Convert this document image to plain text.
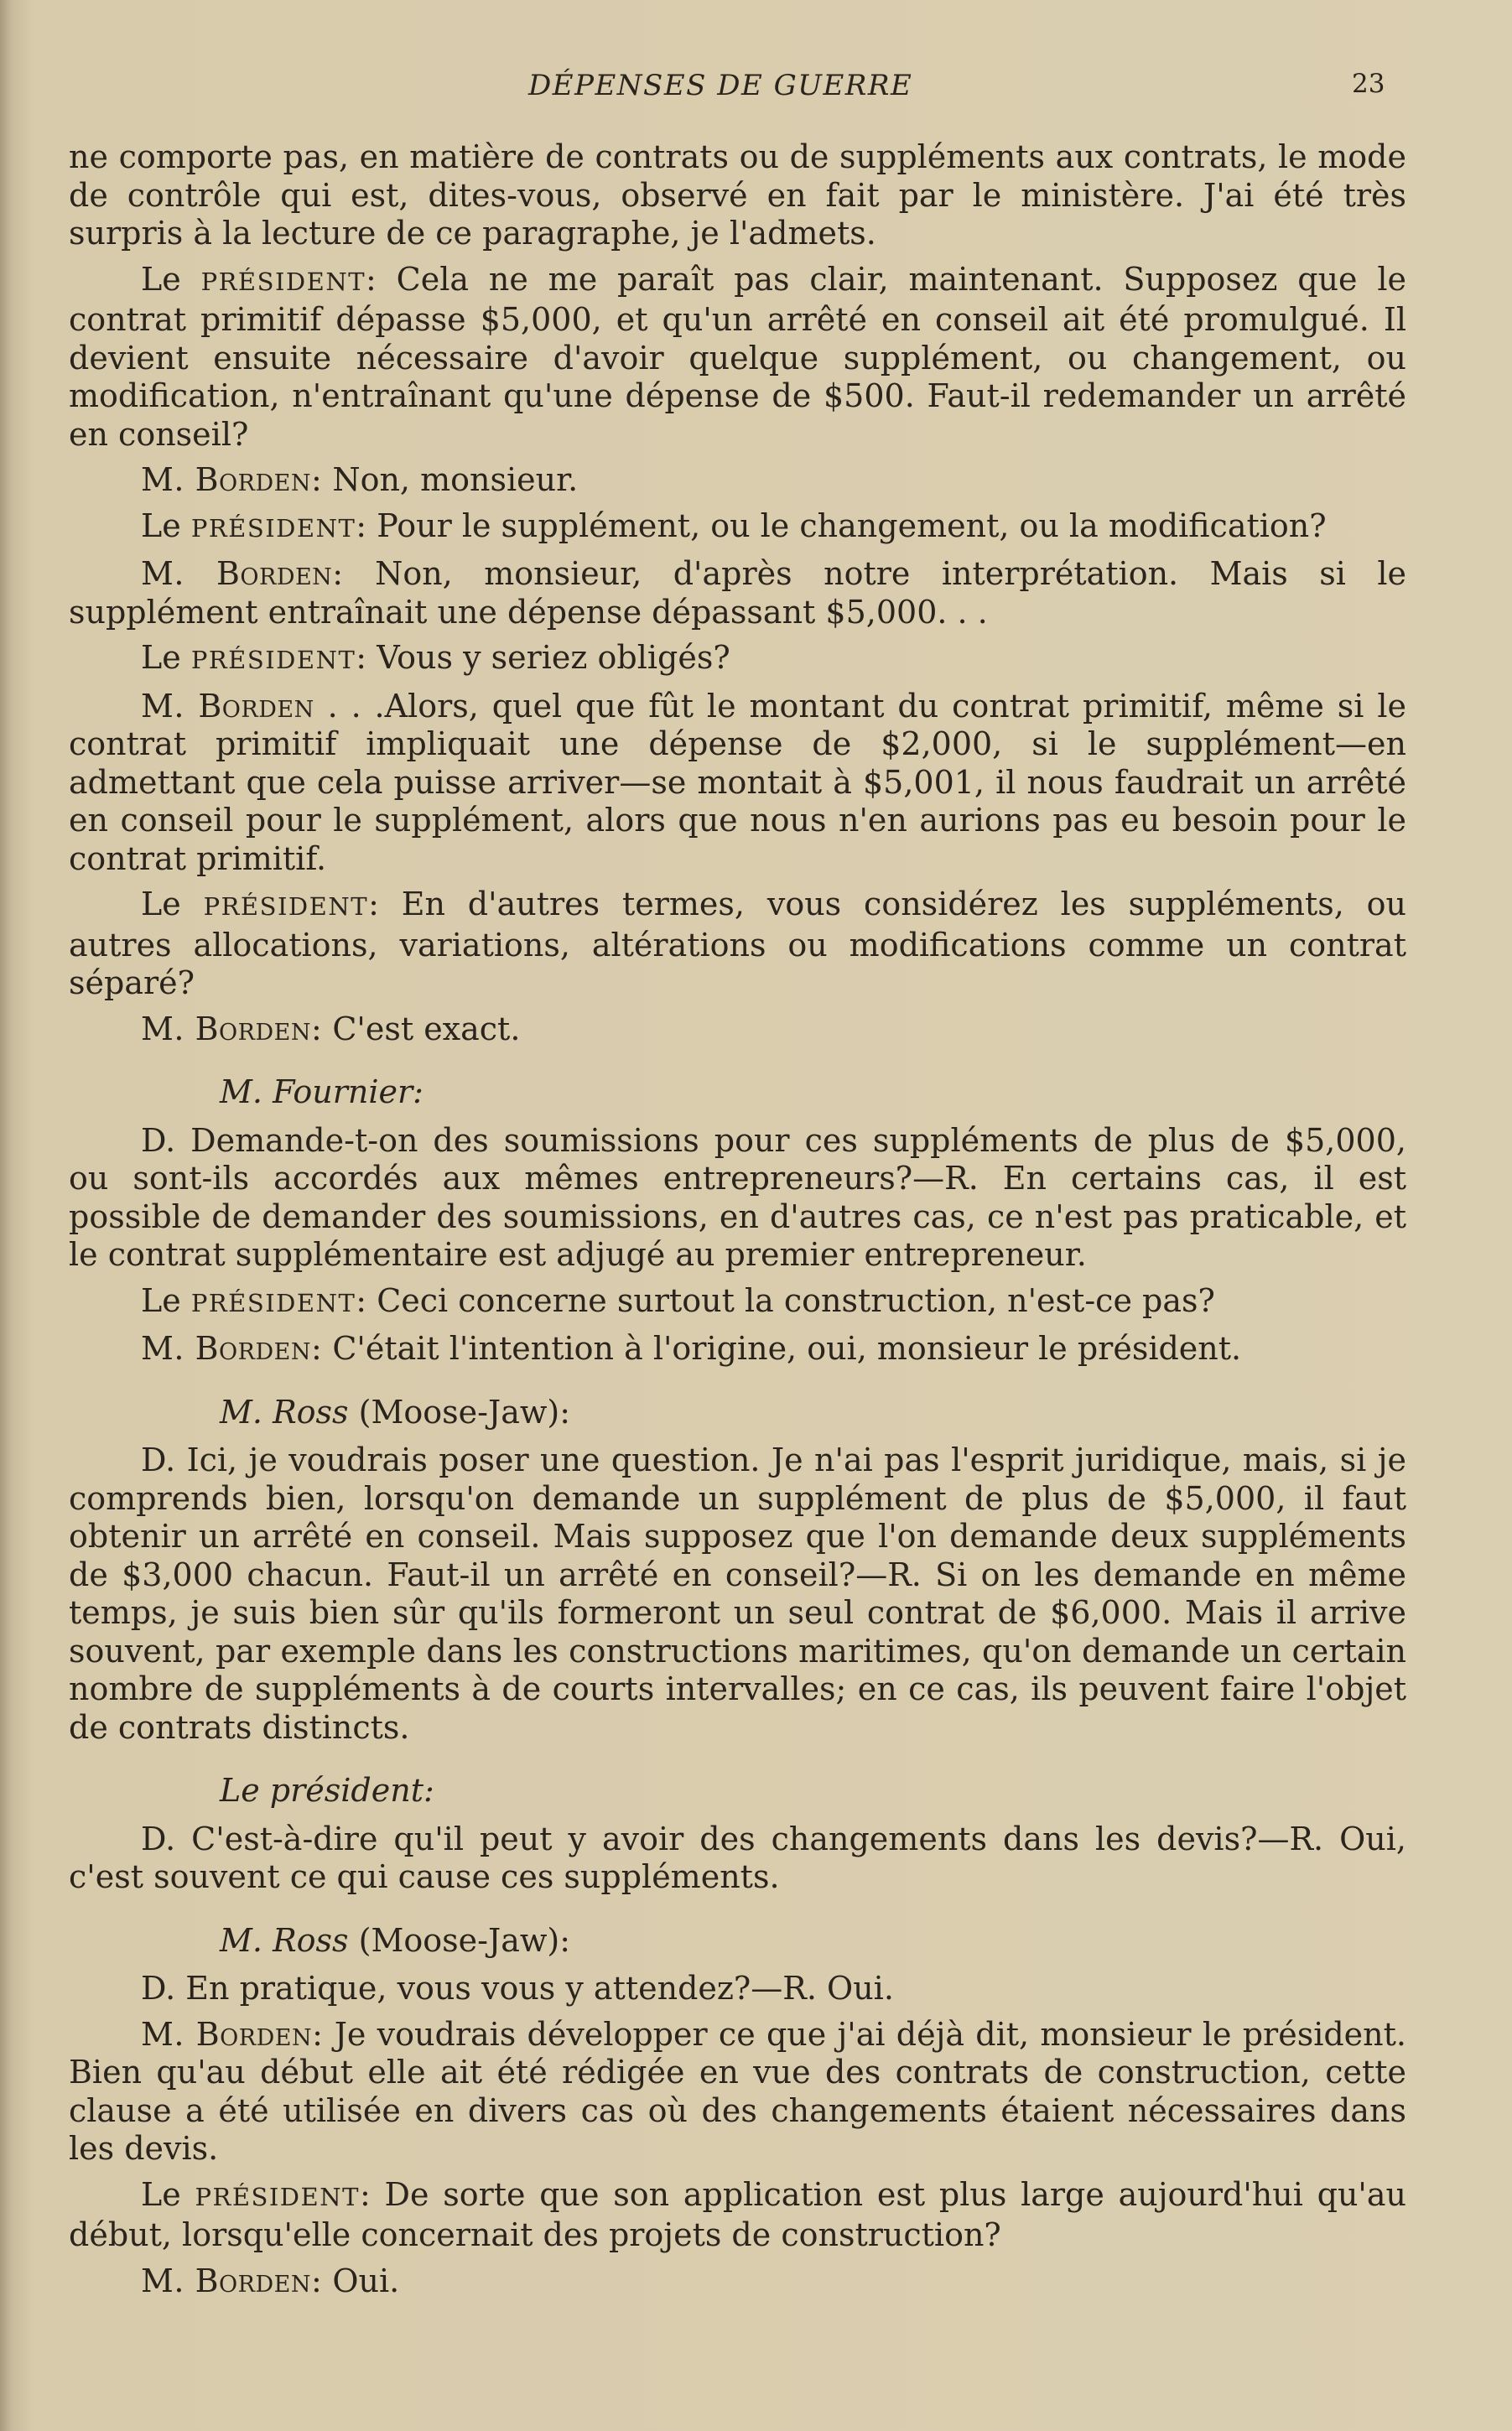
DÉPENSES DE GUERRE	23

ne comporte pas, en matière de contrats ou de suppléments aux contrats, le mode de contrôle qui est, dites-vous, observé en fait par le ministère. J'ai été très surpris à la lecture de ce paragraphe, je l'admets.

Le PRÉSIDENT: Cela ne me paraît pas clair, maintenant. Supposez que le contrat primitif dépasse $5,000, et qu'un arrêté en conseil ait été promulgué. Il devient ensuite nécessaire d'avoir quelque supplément, ou changement, ou modification, n'entraînant qu'une dépense de $500. Faut-il redemander un arrêté en conseil?

M. Borden: Non, monsieur.

Le PRÉSIDENT: Pour le supplément, ou le changement, ou la modification?

M. Borden: Non, monsieur, d'après notre interprétation. Mais si le supplément entraînait une dépense dépassant $5,000. . .

Le PRÉSIDENT: Vous y seriez obligés?

M. Borden . . .Alors, quel que fût le montant du contrat primitif, même si le contrat primitif impliquait une dépense de $2,000, si le supplément—en admettant que cela puisse arriver—se montait à $5,001, il nous faudrait un arrêté en conseil pour le supplément, alors que nous n'en aurions pas eu besoin pour le contrat primitif.

Le PRÉSIDENT: En d'autres termes, vous considérez les suppléments, ou autres allocations, variations, altérations ou modifications comme un contrat séparé?

M. Borden: C'est exact.

M. Fournier:

D. Demande-t-on des soumissions pour ces suppléments de plus de $5,000, ou sont-ils accordés aux mêmes entrepreneurs?—R. En certains cas, il est possible de demander des soumissions, en d'autres cas, ce n'est pas praticable, et le contrat supplémentaire est adjugé au premier entrepreneur.

Le PRÉSIDENT: Ceci concerne surtout la construction, n'est-ce pas?

M. Borden: C'était l'intention à l'origine, oui, monsieur le président.

M. Ross (Moose-Jaw):

D. Ici, je voudrais poser une question. Je n'ai pas l'esprit juridique, mais, si je comprends bien, lorsqu'on demande un supplément de plus de $5,000, il faut obtenir un arrêté en conseil. Mais supposez que l'on demande deux suppléments de $3,000 chacun. Faut-il un arrêté en conseil?—R. Si on les demande en même temps, je suis bien sûr qu'ils formeront un seul contrat de $6,000. Mais il arrive souvent, par exemple dans les constructions maritimes, qu'on demande un certain nombre de suppléments à de courts intervalles; en ce cas, ils peuvent faire l'objet de contrats distincts.

Le président:

D. C'est-à-dire qu'il peut y avoir des changements dans les devis?—R. Oui, c'est souvent ce qui cause ces suppléments.

M. Ross (Moose-Jaw):

D. En pratique, vous vous y attendez?—R. Oui.

M. Borden: Je voudrais développer ce que j'ai déjà dit, monsieur le président. Bien qu'au début elle ait été rédigée en vue des contrats de construction, cette clause a été utilisée en divers cas où des changements étaient nécessaires dans les devis.

Le PRÉSIDENT: De sorte que son application est plus large aujourd'hui qu'au début, lorsqu'elle concernait des projets de construction?

M. Borden: Oui.
